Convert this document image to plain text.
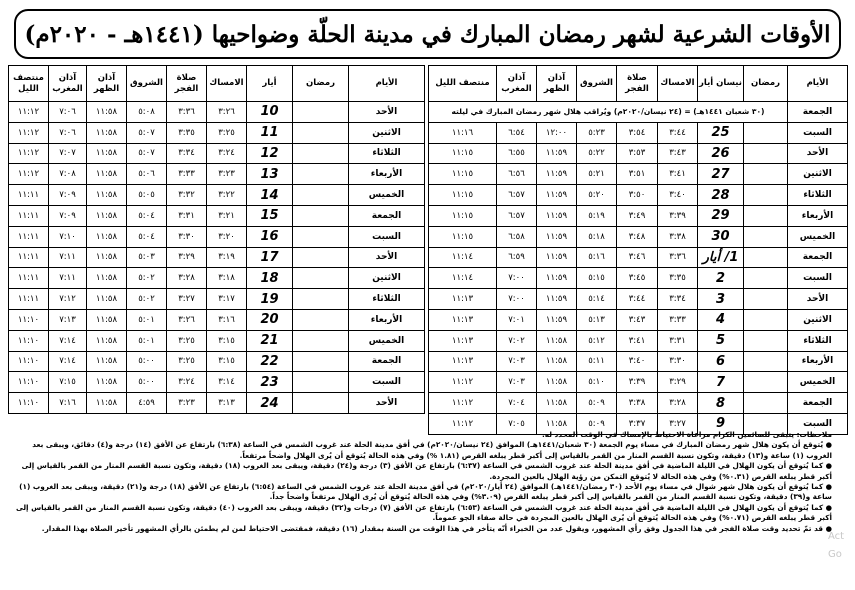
الأوقات الشرعية لشهر رمضان المبارك في مدينة الحلّة وضواحيها (١٤٤١هـ - ٢٠٢٠م)
الأيام	رمضان	أيار	الامساك	صلاة الفجر	الشروق	آذان الظهر	آذان المغرب	منتصف الليل
الأحد		10	٣:٢٦	٣:٣٦	٥:٠٨	١١:٥٨	٧:٠٦	١١:١٢
الاثنين		11	٣:٢٥	٣:٣٥	٥:٠٧	١١:٥٨	٧:٠٦	١١:١٢
الثلاثاء		12	٣:٢٤	٣:٣٤	٥:٠٧	١١:٥٨	٧:٠٧	١١:١٢
الأربعاء		13	٣:٢٣	٣:٣٣	٥:٠٦	١١:٥٨	٧:٠٨	١١:١٢
الخميس		14	٣:٢٢	٣:٣٢	٥:٠٥	١١:٥٨	٧:٠٩	١١:١١
الجمعة		15	٣:٢١	٣:٣١	٥:٠٤	١١:٥٨	٧:٠٩	١١:١١
السبت		16	٣:٢٠	٣:٣٠	٥:٠٤	١١:٥٨	٧:١٠	١١:١١
الأحد		17	٣:١٩	٣:٢٩	٥:٠٣	١١:٥٨	٧:١١	١١:١١
الاثنين		18	٣:١٨	٣:٢٨	٥:٠٢	١١:٥٨	٧:١١	١١:١١
الثلاثاء		19	٣:١٧	٣:٢٧	٥:٠٢	١١:٥٨	٧:١٢	١١:١١
الأربعاء		20	٣:١٦	٣:٢٦	٥:٠١	١١:٥٨	٧:١٣	١١:١٠
الخميس		21	٣:١٥	٣:٢٥	٥:٠١	١١:٥٨	٧:١٤	١١:١٠
الجمعة		22	٣:١٥	٣:٢٥	٥:٠٠	١١:٥٨	٧:١٤	١١:١٠
السبت		23	٣:١٤	٣:٢٤	٥:٠٠	١١:٥٨	٧:١٥	١١:١٠
الأحد		24	٣:١٣	٣:٢٣	٤:٥٩	١١:٥٨	٧:١٦	١١:١٠
الأيام	رمضان	نيسان أيار	الامساك	صلاة الفجر	الشروق	آذان الظهر	آذان المغرب	منتصف الليل
الجمعة	(٣٠ شعبان ١٤٤١هـ) = (٢٤ نيسان/٢٠٢٠م) ويُراقب هلال شهر رمضان المبارك في ليلته							
السبت		25	٣:٤٤	٣:٥٤	٥:٢٣	١٢:٠٠	٦:٥٤	١١:١٦
الأحد		26	٣:٤٣	٣:٥٣	٥:٢٢	١١:٥٩	٦:٥٥	١١:١٥
الاثنين		27	٣:٤١	٣:٥١	٥:٢١	١١:٥٩	٦:٥٦	١١:١٥
الثلاثاء		28	٣:٤٠	٣:٥٠	٥:٢٠	١١:٥٩	٦:٥٧	١١:١٥
الأربعاء		29	٣:٣٩	٣:٤٩	٥:١٩	١١:٥٩	٦:٥٧	١١:١٥
الخميس		30	٣:٣٨	٣:٤٨	٥:١٨	١١:٥٩	٦:٥٨	١١:١٥
الجمعة		1/ أيار	٣:٣٦	٣:٤٦	٥:١٦	١١:٥٩	٦:٥٩	١١:١٤
السبت		2	٣:٣٥	٣:٤٥	٥:١٥	١١:٥٩	٧:٠٠	١١:١٤
الأحد		3	٣:٣٤	٣:٤٤	٥:١٤	١١:٥٩	٧:٠٠	١١:١٣
الاثنين		4	٣:٣٣	٣:٤٣	٥:١٣	١١:٥٩	٧:٠١	١١:١٣
الثلاثاء		5	٣:٣١	٣:٤١	٥:١٢	١١:٥٨	٧:٠٢	١١:١٣
الأربعاء		6	٣:٣٠	٣:٤٠	٥:١١	١١:٥٨	٧:٠٣	١١:١٣
الخميس		7	٣:٢٩	٣:٣٩	٥:١٠	١١:٥٨	٧:٠٣	١١:١٢
الجمعة		8	٣:٢٨	٣:٣٨	٥:٠٩	١١:٥٨	٧:٠٤	١١:١٢
السبت		9	٣:٢٧	٣:٣٧	٥:٠٩	١١:٥٨	٧:٠٥	١١:١٢
ملاحظات: يتبقى للصائمين الكرام مراعاة الاحتياط بالإمساك في الوقت المحدد له.
● يُتوقع أن يكون هلال شهر رمضان المبارك في مساء يوم الجمعة (٣٠ شعبان/١٤٤١هـ) الموافق (٢٤ نيسان/٢٠٢٠م) في أفق مدينة الحلة عند غروب الشمس في الساعة (٦:٣٨) بارتفاع عن الأفق (١٤) درجة و(٤) دقائق، ويبقى بعد الغروب (١) ساعة و(١٣) دقيقة، وتكون نسبة القسم المنار من القمر بالقياس إلى أكبر قطر يبلغه القرص (١.٨١ %) وفي هذه الحالة يُتوقع أن يُرى الهلال واضحاً مرتفعاً.
● كما يُتوقع أن يكون الهلال في الليلة الماضية في أفق مدينة الحلة عند غروب الشمس في الساعة (٦:٣٧) بارتفاع عن الأفق (٣) درجة و(٢٤) دقيقة، ويبقى بعد الغروب (١٨) دقيقة، وتكون نسبة القسم المنار من القمر بالقياس إلى أكبر قطر يبلغه القرص (٠.٣١%) وفي هذه الحالة لا يُتوقع التمكن من رؤية الهلال بالعين المجردة.
● كما يُتوقع أن يكون هلال شهر شوال في مساء يوم الأحد (٣٠ رمضان/١٤٤١هـ) الموافق (٢٤ أيار/٢٠٢٠م) في أفق مدينة الحلة عند غروب الشمس في الساعة (٦:٥٤) بارتفاع عن الأفق (١٨) درجة و(٢١) دقيقة، ويبقى بعد الغروب (١) ساعة و(٣٩) دقيقة، وتكون نسبة القسم المنار من القمر بالقياس إلى أكبر قطر يبلغه القرص (٣.٠٩%) وفي هذه الحالة يُتوقع أن يُرى الهلال مرتفعاً واضحاً جداً.
● كما يُتوقع أن يكون الهلال في الليلة الماضية في أفق مدينة الحلة عند غروب الشمس في الساعة (٦:٥٣) بارتفاع عن الأفق (٧) درجات و(٣٢) دقيقة، ويبقى بعد الغروب (٤٠) دقيقة، وتكون نسبة القسم المنار من القمر بالقياس إلى أكبر قطر يبلغه القرص (٠.٧١%) وفي هذه الحالة يُتوقع أن يُرى الهلال بالعين المجردة في حالة صفاء الجو عموماً.
● قد تمّ تحديد وقت صلاة الفجر في هذا الجدول وفق رأي المشهور، ويقول عدد من الخبراء أنّه يتأخر في هذا الوقت من السنة بمقدار (١٦) دقيقة، فمقتضى الاحتياط لمن لم يطمئن بالرأي المشهور تأخير الصلاة بهذا المقدار.
Act Go
